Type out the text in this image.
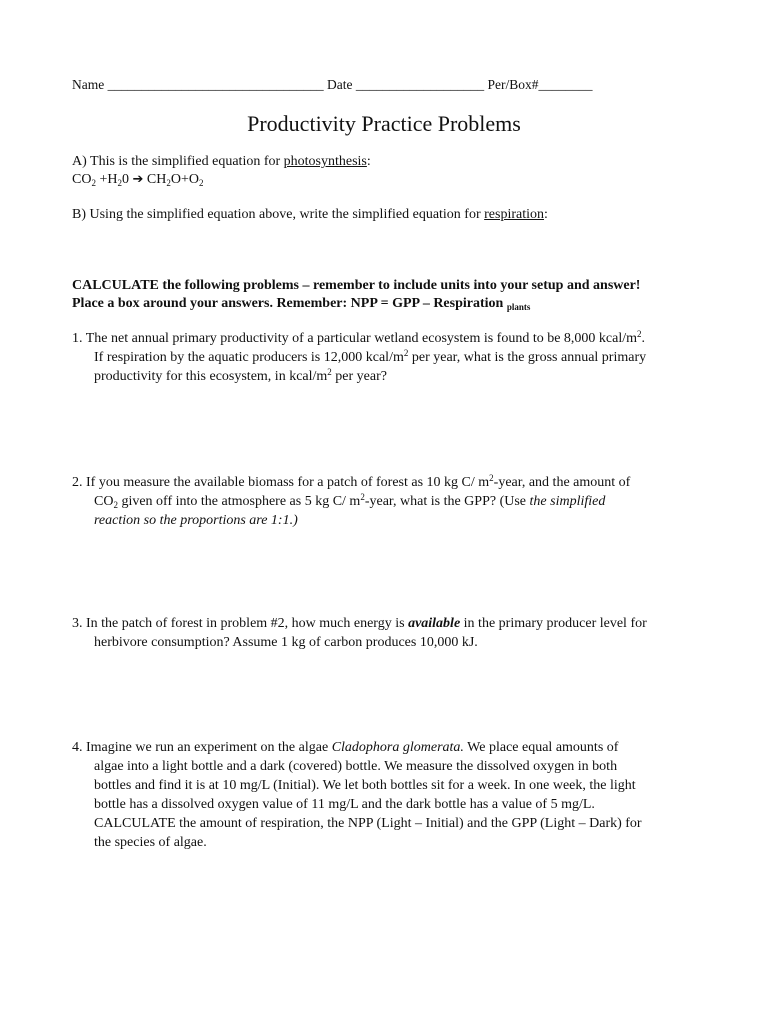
Name ________________________________ Date ___________________ Per/Box#________
Productivity Practice Problems
A) This is the simplified equation for photosynthesis:
$CO_2 +H_20$ ➔ $CH_2O+O_2$
B) Using the simplified equation above, write the simplified equation for respiration:
CALCULATE the following problems – remember to include units into your setup and answer!
Place a box around your answers. Remember: NPP = GPP – Respiration $_{plants}$
1. The net annual primary productivity of a particular wetland ecosystem is found to be 8,000 kcal/$m^2$.
If respiration by the aquatic producers is 12,000 kcal/$m^2$ per year, what is the gross annual primary
productivity for this ecosystem, in kcal/$m^2$ per year?
2. If you measure the available biomass for a patch of forest as 10 kg C/ $m^2$-year, and the amount of
$CO_2$ given off into the atmosphere as 5 kg C/ $m^2$-year, what is the GPP? (Use the simplified
reaction so the proportions are 1:1.)
3. In the patch of forest in problem #2, how much energy is available in the primary producer level for
herbivore consumption? Assume 1 kg of carbon produces 10,000 kJ.
4. Imagine we run an experiment on the algae Cladophora glomerata. We place equal amounts of
algae into a light bottle and a dark (covered) bottle. We measure the dissolved oxygen in both
bottles and find it is at 10 mg/L (Initial). We let both bottles sit for a week. In one week, the light
bottle has a dissolved oxygen value of 11 mg/L and the dark bottle has a value of 5 mg/L.
CALCULATE the amount of respiration, the NPP (Light – Initial) and the GPP (Light – Dark) for
the species of algae.
